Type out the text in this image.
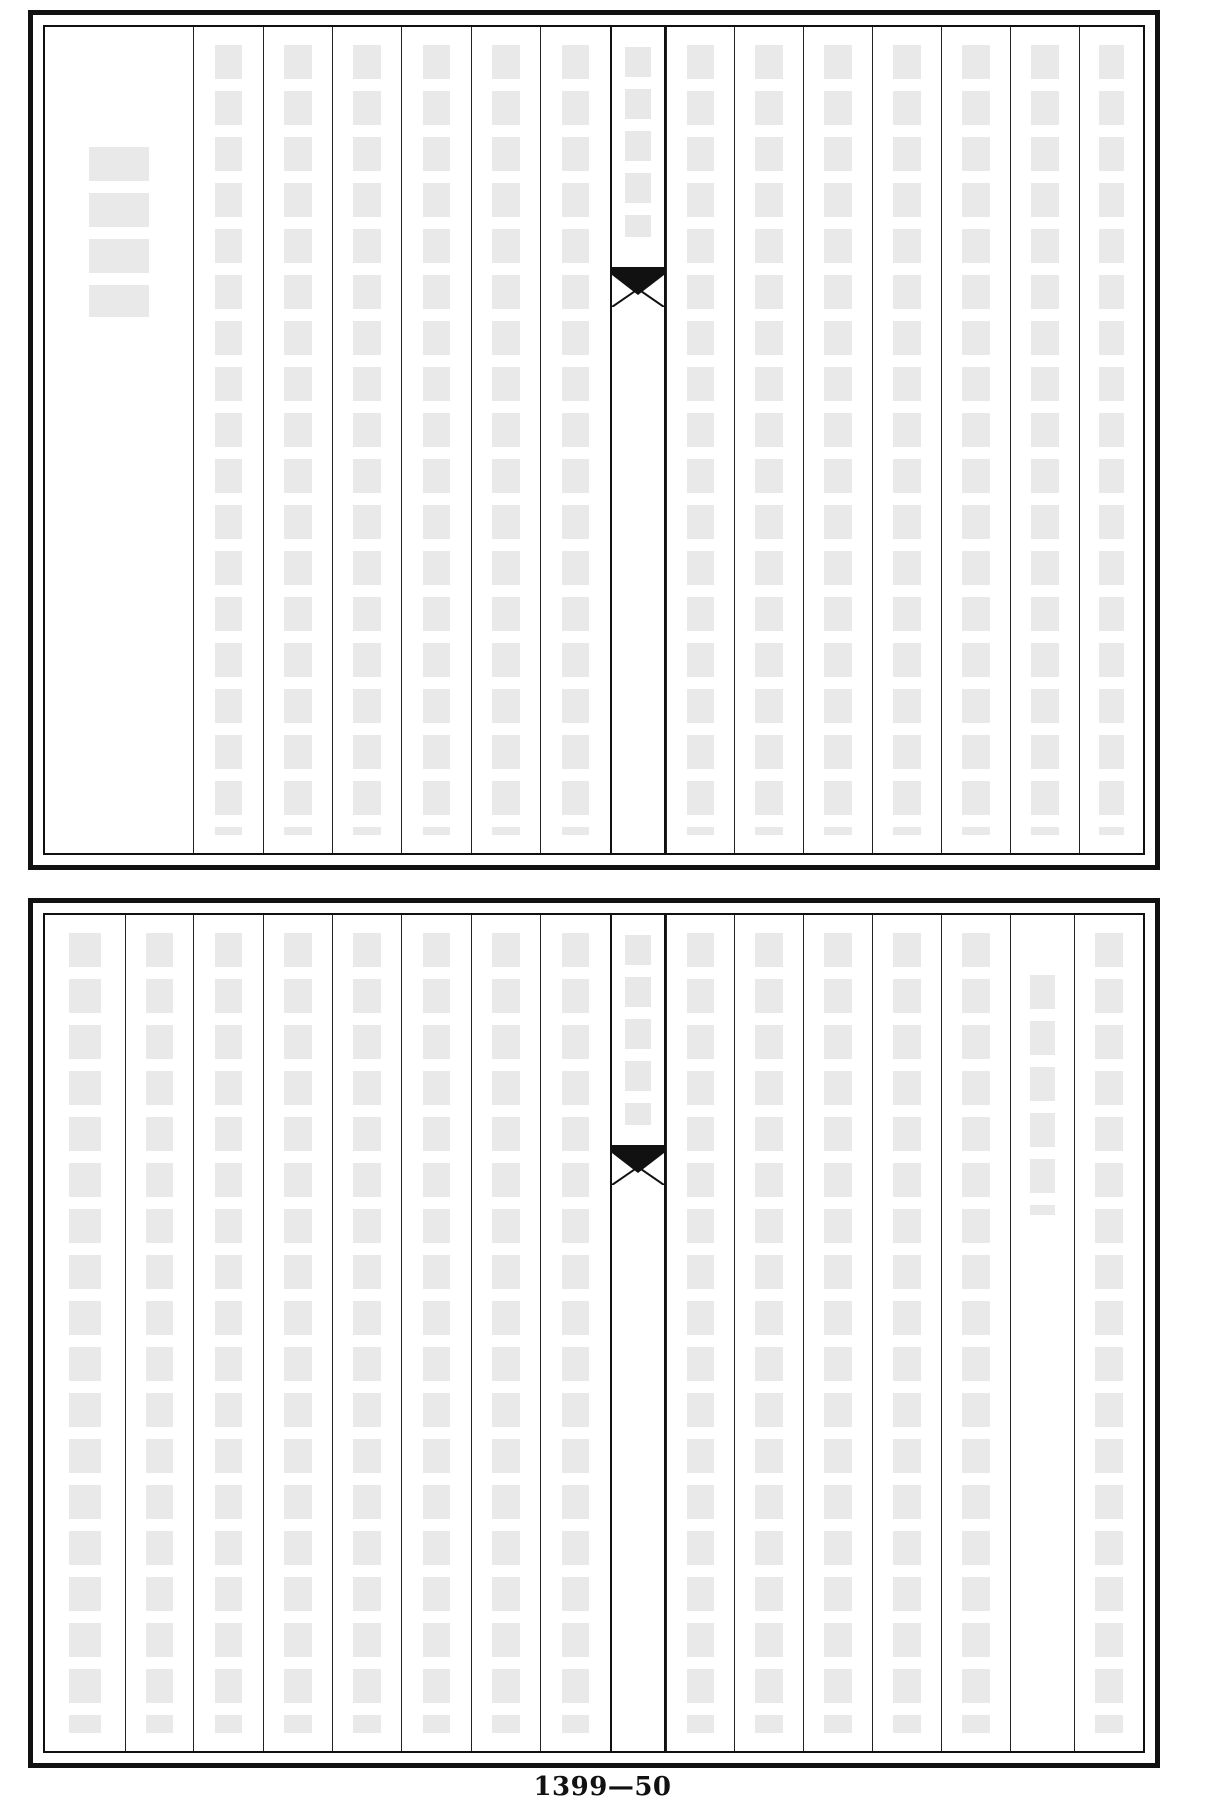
1399—50
